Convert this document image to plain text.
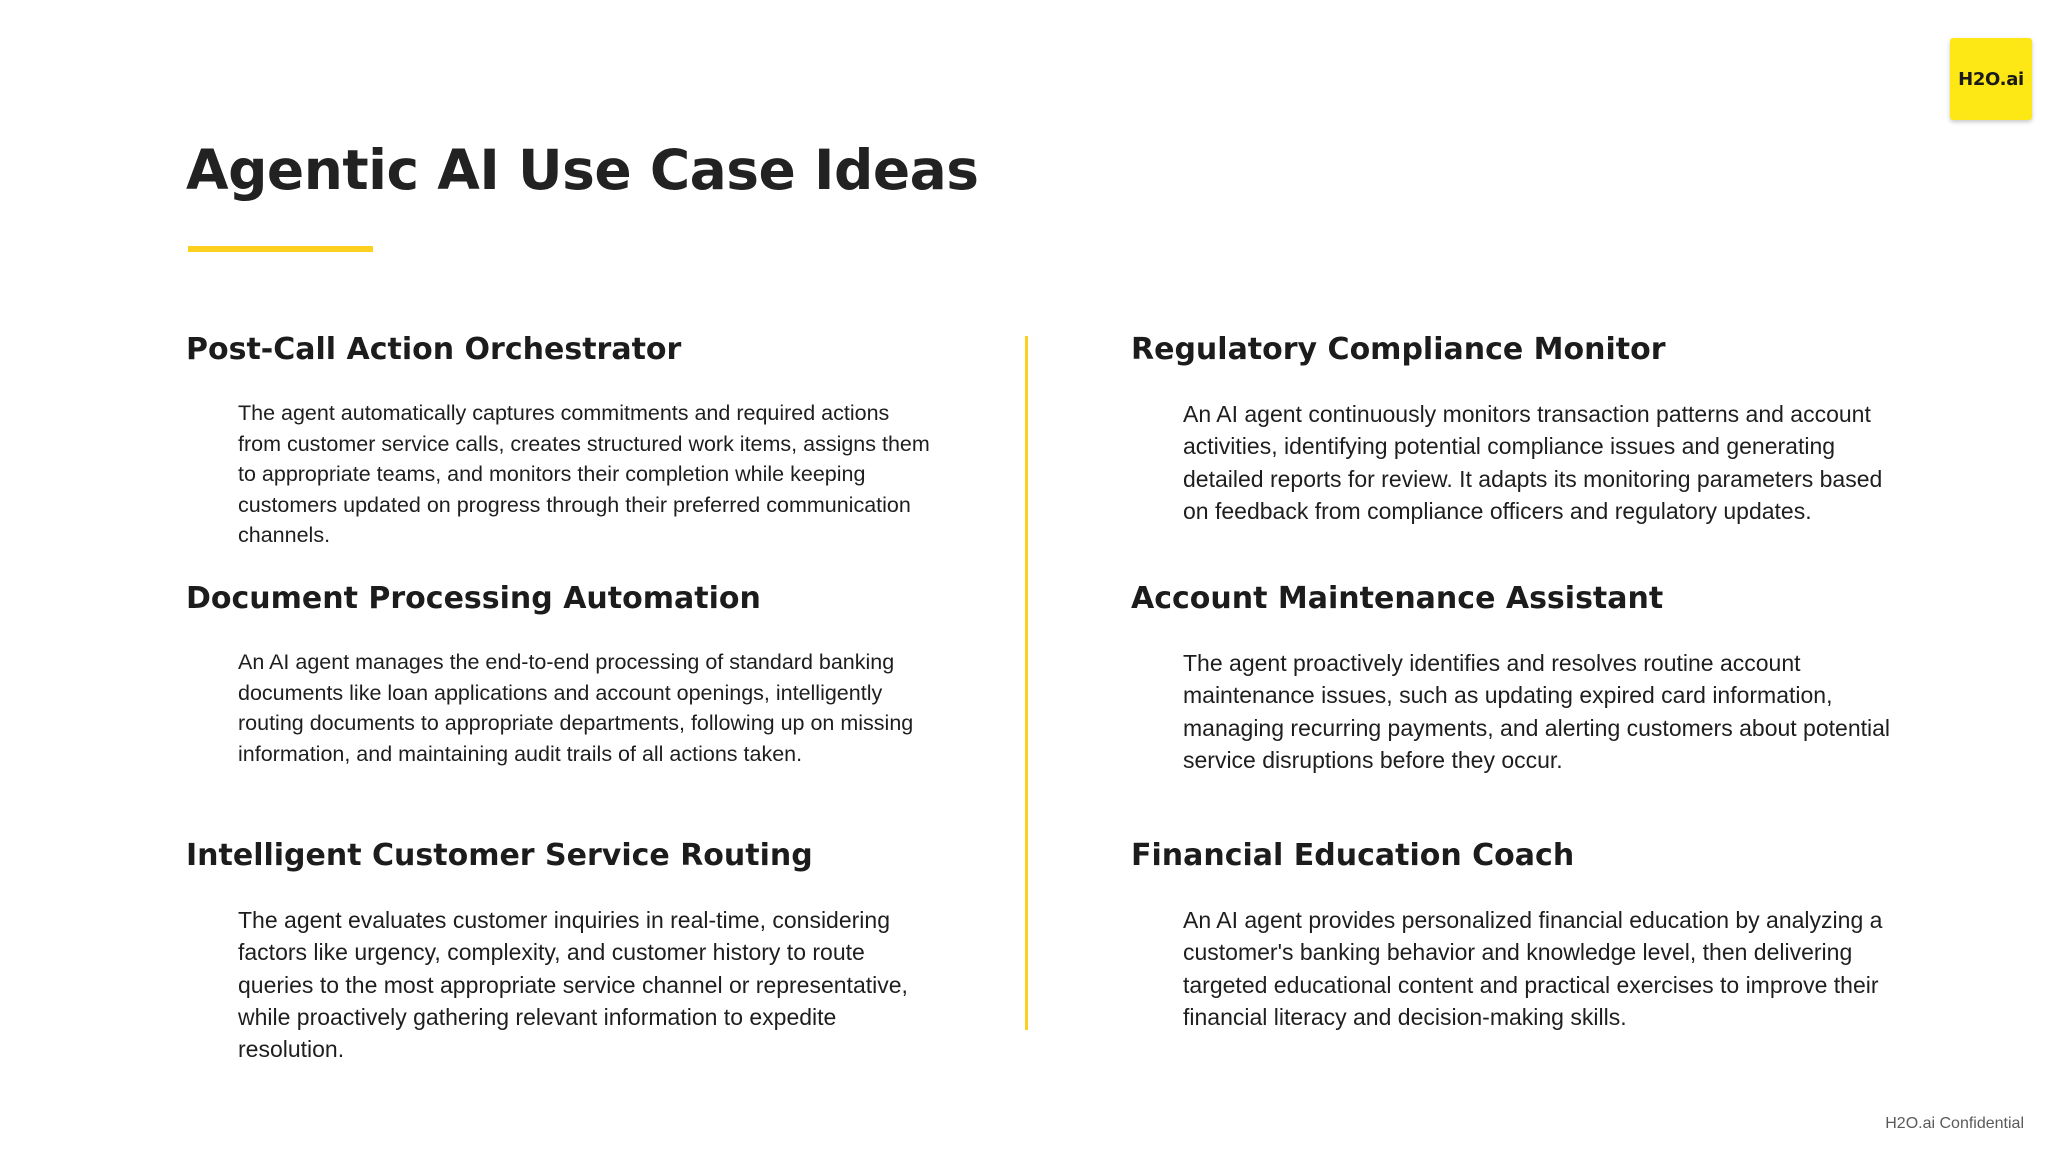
H2O.ai
Agentic AI Use Case Ideas
Post-Call Action Orchestrator

The agent automatically captures commitments and required actions from customer service calls, creates structured work items, assigns them to appropriate teams, and monitors their completion while keeping customers updated on progress through their preferred communication channels.

Document Processing Automation

An AI agent manages the end-to-end processing of standard banking documents like loan applications and account openings, intelligently routing documents to appropriate departments, following up on missing information, and maintaining audit trails of all actions taken.

Intelligent Customer Service Routing

The agent evaluates customer inquiries in real-time, considering factors like urgency, complexity, and customer history to route queries to the most appropriate service channel or representative, while proactively gathering relevant information to expedite resolution.

Regulatory Compliance Monitor

An AI agent continuously monitors transaction patterns and account activities, identifying potential compliance issues and generating detailed reports for review. It adapts its monitoring parameters based on feedback from compliance officers and regulatory updates.

Account Maintenance Assistant

The agent proactively identifies and resolves routine account maintenance issues, such as updating expired card information, managing recurring payments, and alerting customers about potential service disruptions before they occur.

Financial Education Coach

An AI agent provides personalized financial education by analyzing a customer's banking behavior and knowledge level, then delivering targeted educational content and practical exercises to improve their financial literacy and decision-making skills.

H2O.ai Confidential
